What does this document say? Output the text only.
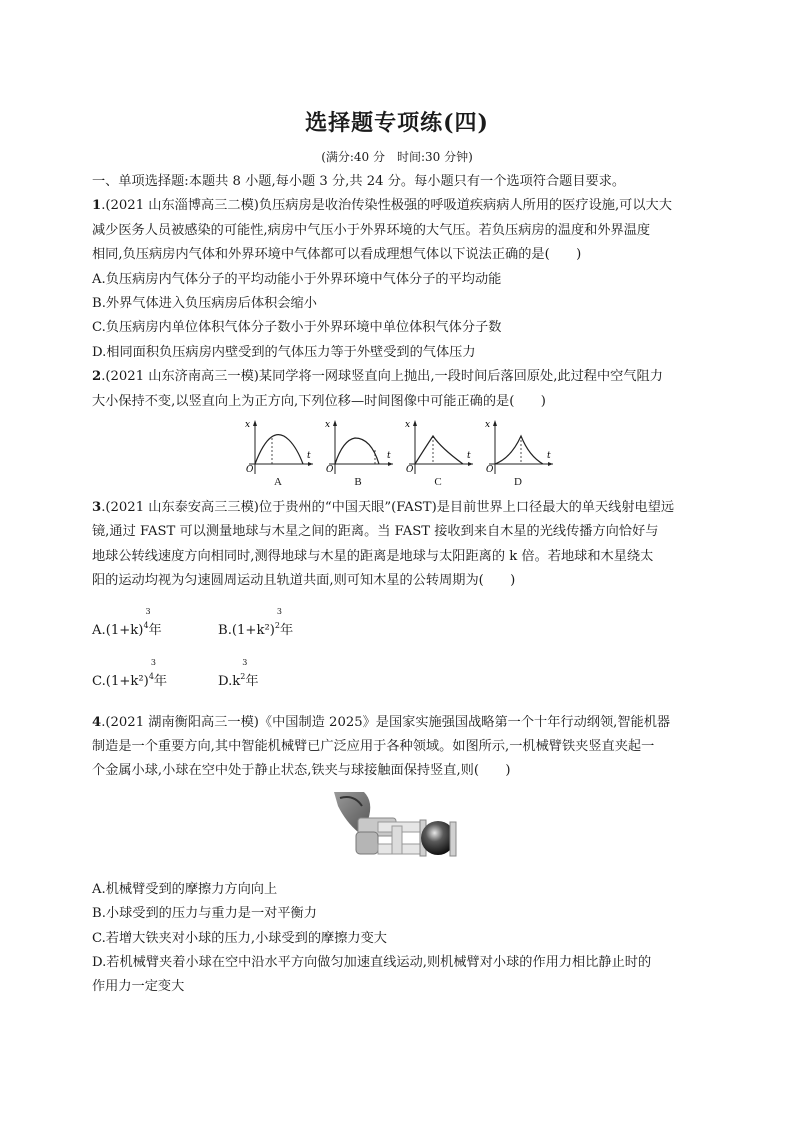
选择题专项练(四)
(满分:40 分　时间:30 分钟)
一、单项选择题:本题共 8 小题,每小题 3 分,共 24 分。每小题只有一个选项符合题目要求。
1.(2021 山东淄博高三二模)负压病房是收治传染性极强的呼吸道疾病病人所用的医疗设施,可以大大
减少医务人员被感染的可能性,病房中气压小于外界环境的大气压。若负压病房的温度和外界温度
相同,负压病房内气体和外界环境中气体都可以看成理想气体以下说法正确的是(　　)
A.负压病房内气体分子的平均动能小于外界环境中气体分子的平均动能
B.外界气体进入负压病房后体积会缩小
C.负压病房内单位体积气体分子数小于外界环境中单位体积气体分子数
D.相同面积负压病房内壁受到的气体压力等于外壁受到的气体压力
2.(2021 山东济南高三一模)某同学将一网球竖直向上抛出,一段时间后落回原处,此过程中空气阻力
大小保持不变,以竖直向上为正方向,下列位移—时间图像中可能正确的是(　　)
O
x
t
A
O
x
t
B
O
x
t
C
O
x
t
D
3.(2021 山东泰安高三三模)位于贵州的“中国天眼”(FAST)是目前世界上口径最大的单天线射电望远
镜,通过 FAST 可以测量地球与木星之间的距离。当 FAST 接收到来自木星的光线传播方向恰好与
地球公转线速度方向相同时,测得地球与木星的距离是地球与太阳距离的 k 倍。若地球和木星绕太
阳的运动均视为匀速圆周运动且轨道共面,则可知木星的公转周期为(　　)
A.(1+k)
3
4年	B.(1+k²)
3
2年
C.(1+k²)
3
4年	D.k
3
2年
4.(2021 湖南衡阳高三一模)《中国制造 2025》是国家实施强国战略第一个十年行动纲领,智能机器
制造是一个重要方向,其中智能机械臂已广泛应用于各种领域。如图所示,一机械臂铁夹竖直夹起一
个金属小球,小球在空中处于静止状态,铁夹与球接触面保持竖直,则(　　)
A.机械臂受到的摩擦力方向向上
B.小球受到的压力与重力是一对平衡力
C.若增大铁夹对小球的压力,小球受到的摩擦力变大
D.若机械臂夹着小球在空中沿水平方向做匀加速直线运动,则机械臂对小球的作用力相比静止时的
作用力一定变大
